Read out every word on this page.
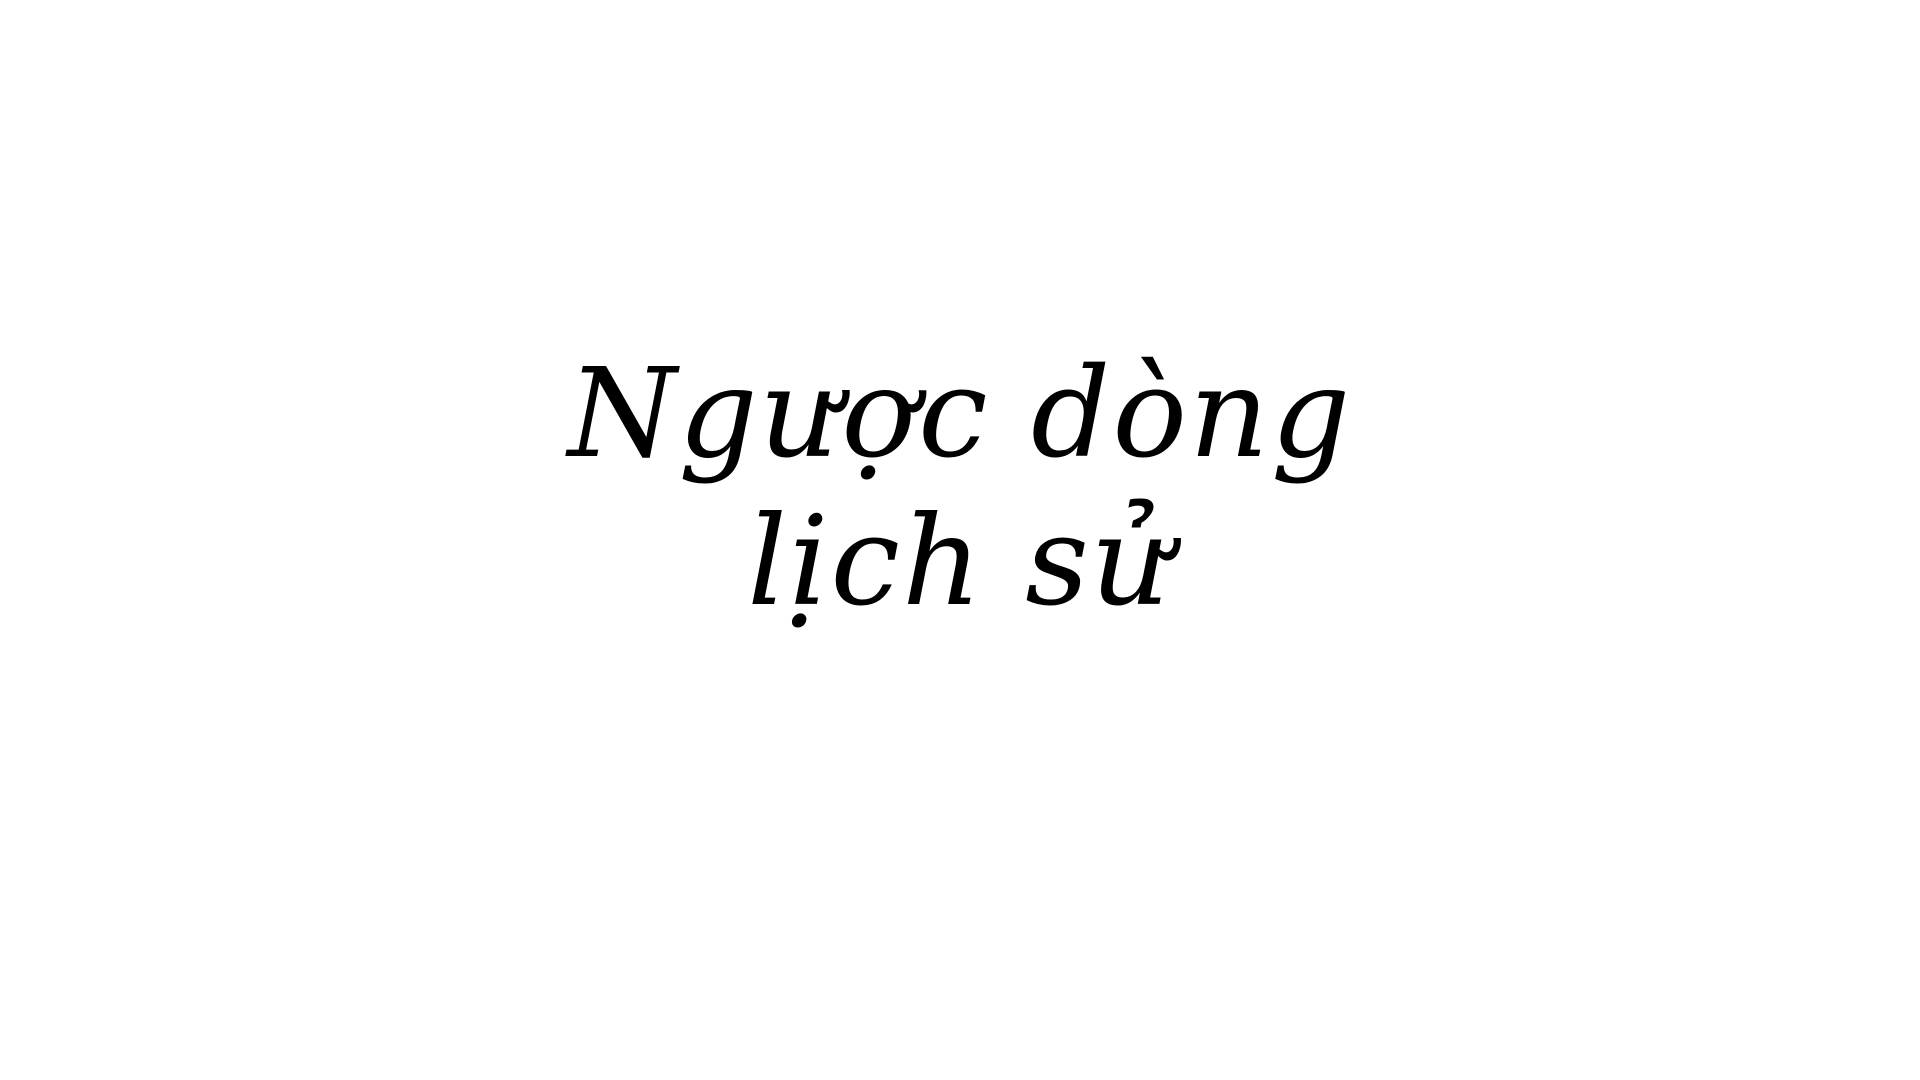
Ngược dòng
lịch sử
